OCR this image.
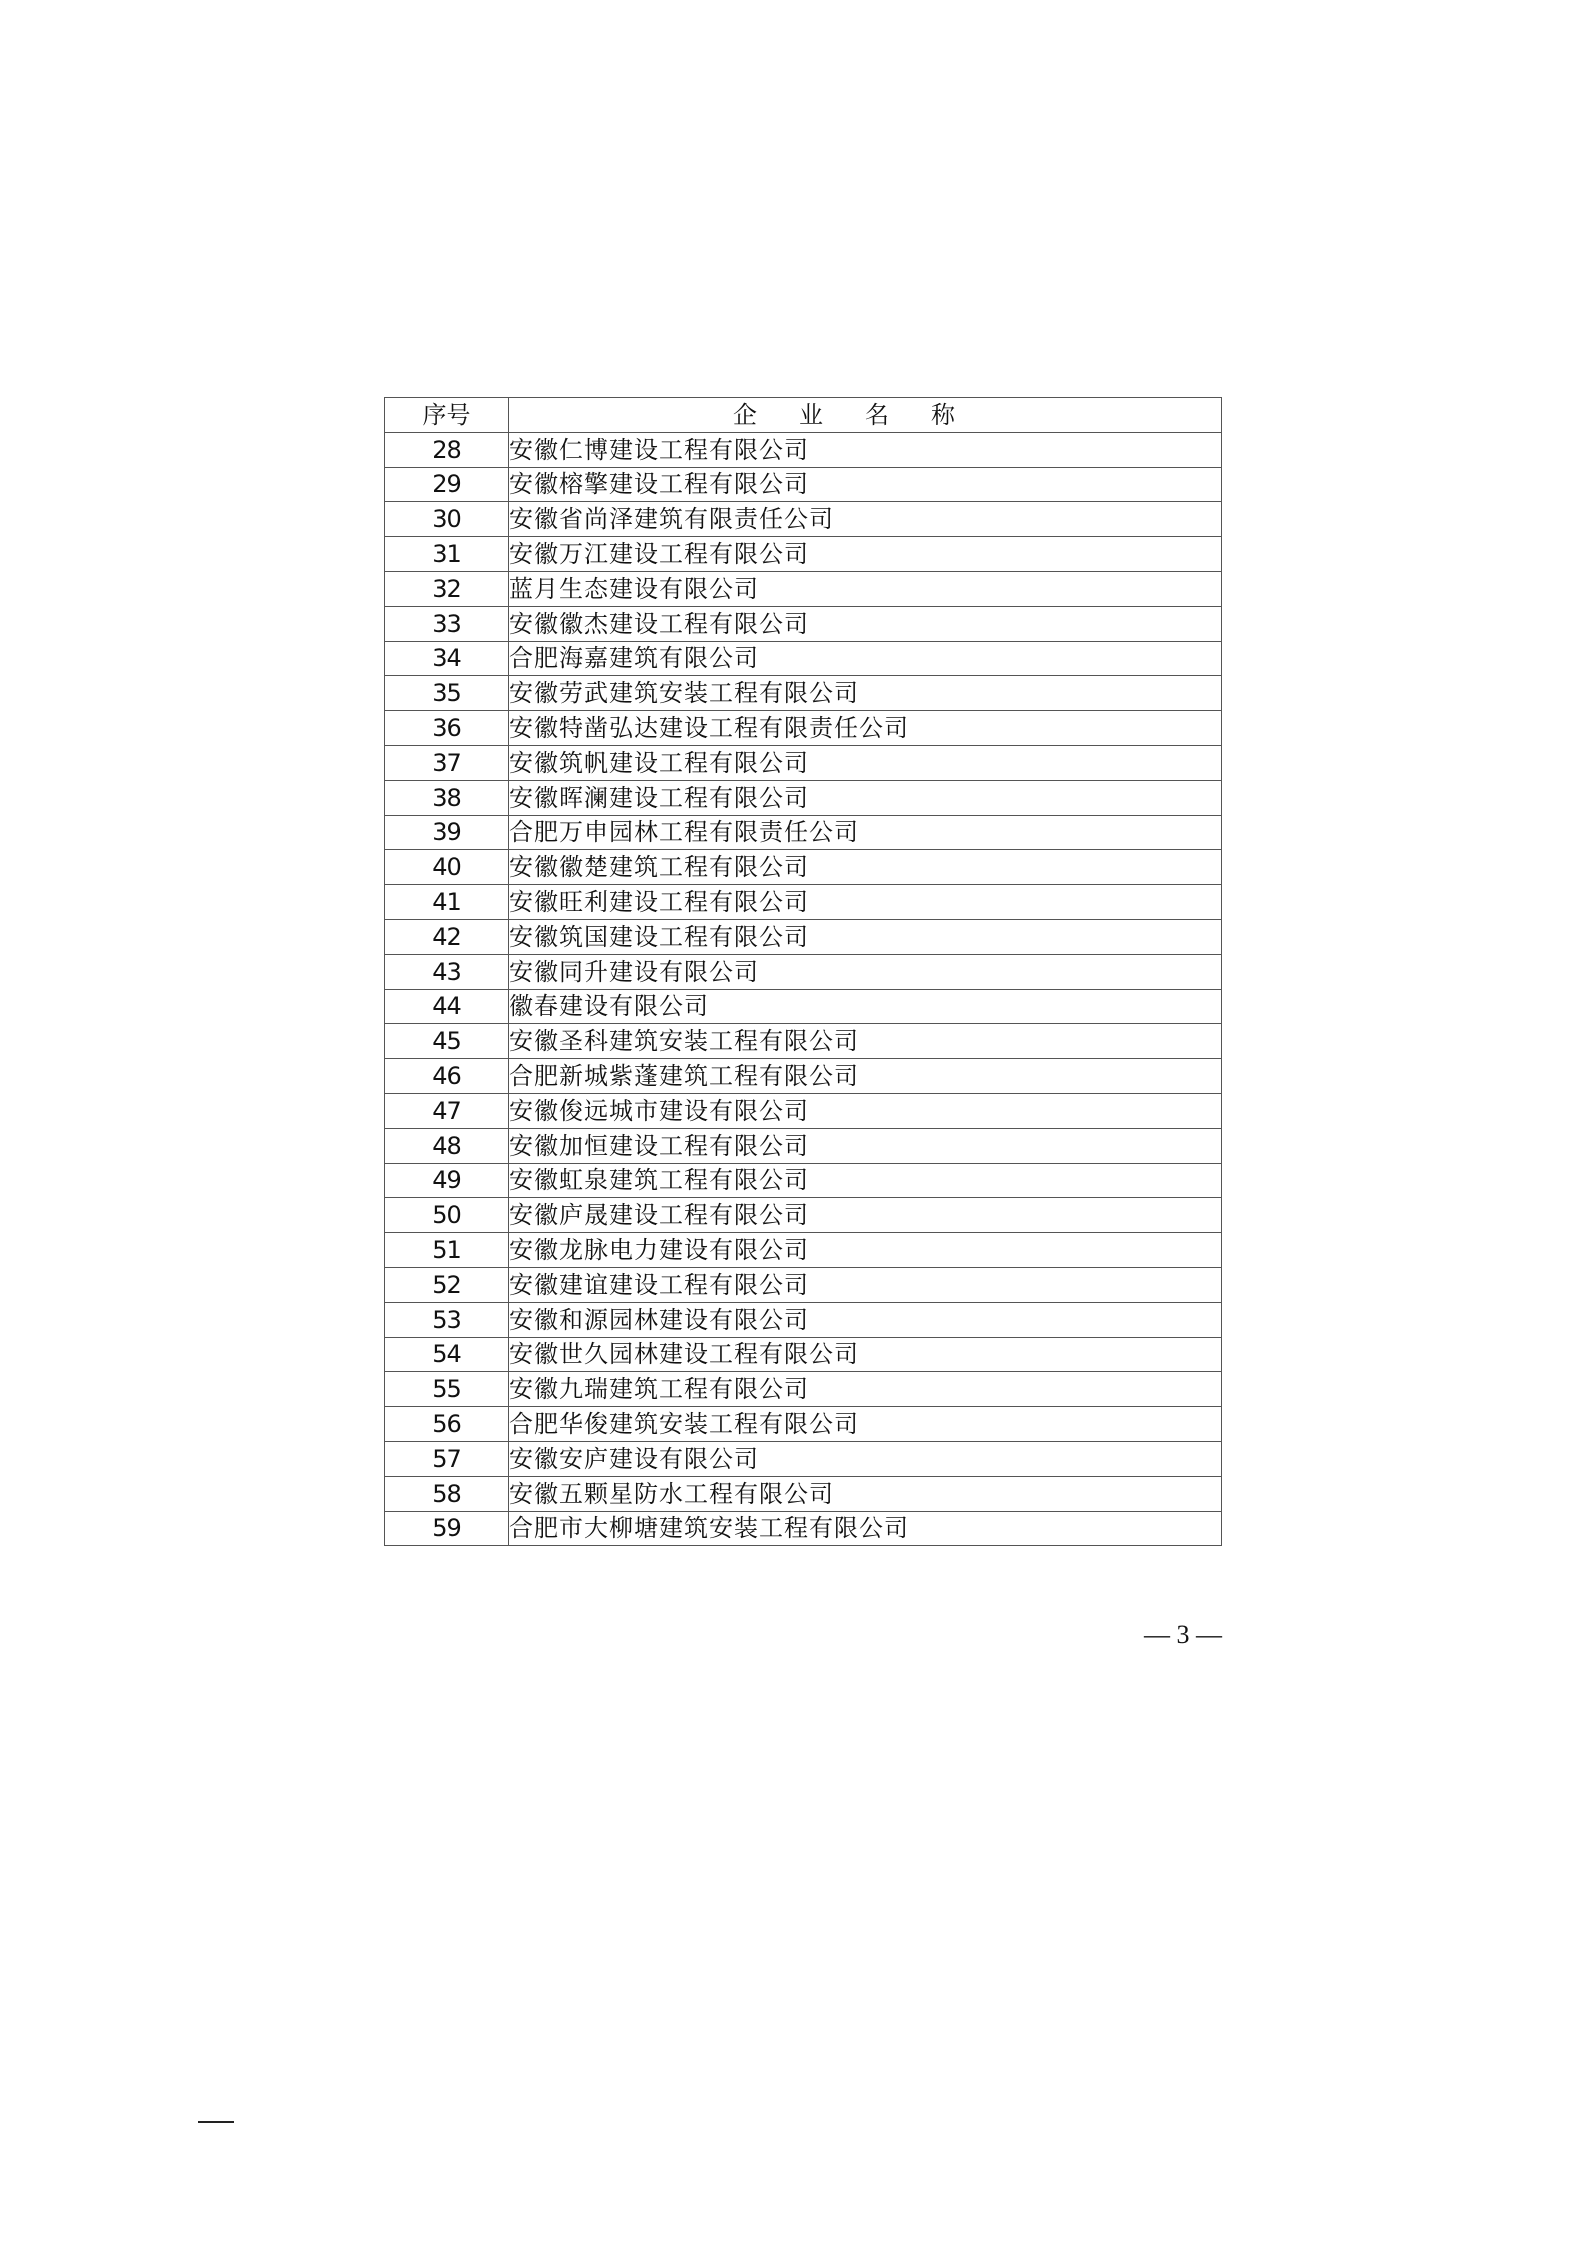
序号	企业名称
28	安徽仁博建设工程有限公司
29	安徽榕擎建设工程有限公司
30	安徽省尚泽建筑有限责任公司
31	安徽万江建设工程有限公司
32	蓝月生态建设有限公司
33	安徽徽杰建设工程有限公司
34	合肥海嘉建筑有限公司
35	安徽劳武建筑安装工程有限公司
36	安徽特凿弘达建设工程有限责任公司
37	安徽筑帆建设工程有限公司
38	安徽晖澜建设工程有限公司
39	合肥万申园林工程有限责任公司
40	安徽徽楚建筑工程有限公司
41	安徽旺利建设工程有限公司
42	安徽筑国建设工程有限公司
43	安徽同升建设有限公司
44	徽春建设有限公司
45	安徽圣科建筑安装工程有限公司
46	合肥新城紫蓬建筑工程有限公司
47	安徽俊远城市建设有限公司
48	安徽加恒建设工程有限公司
49	安徽虹泉建筑工程有限公司
50	安徽庐晟建设工程有限公司
51	安徽龙脉电力建设有限公司
52	安徽建谊建设工程有限公司
53	安徽和源园林建设有限公司
54	安徽世久园林建设工程有限公司
55	安徽九瑞建筑工程有限公司
56	合肥华俊建筑安装工程有限公司
57	安徽安庐建设有限公司
58	安徽五颗星防水工程有限公司
59	合肥市大柳塘建筑安装工程有限公司
— 3 —
